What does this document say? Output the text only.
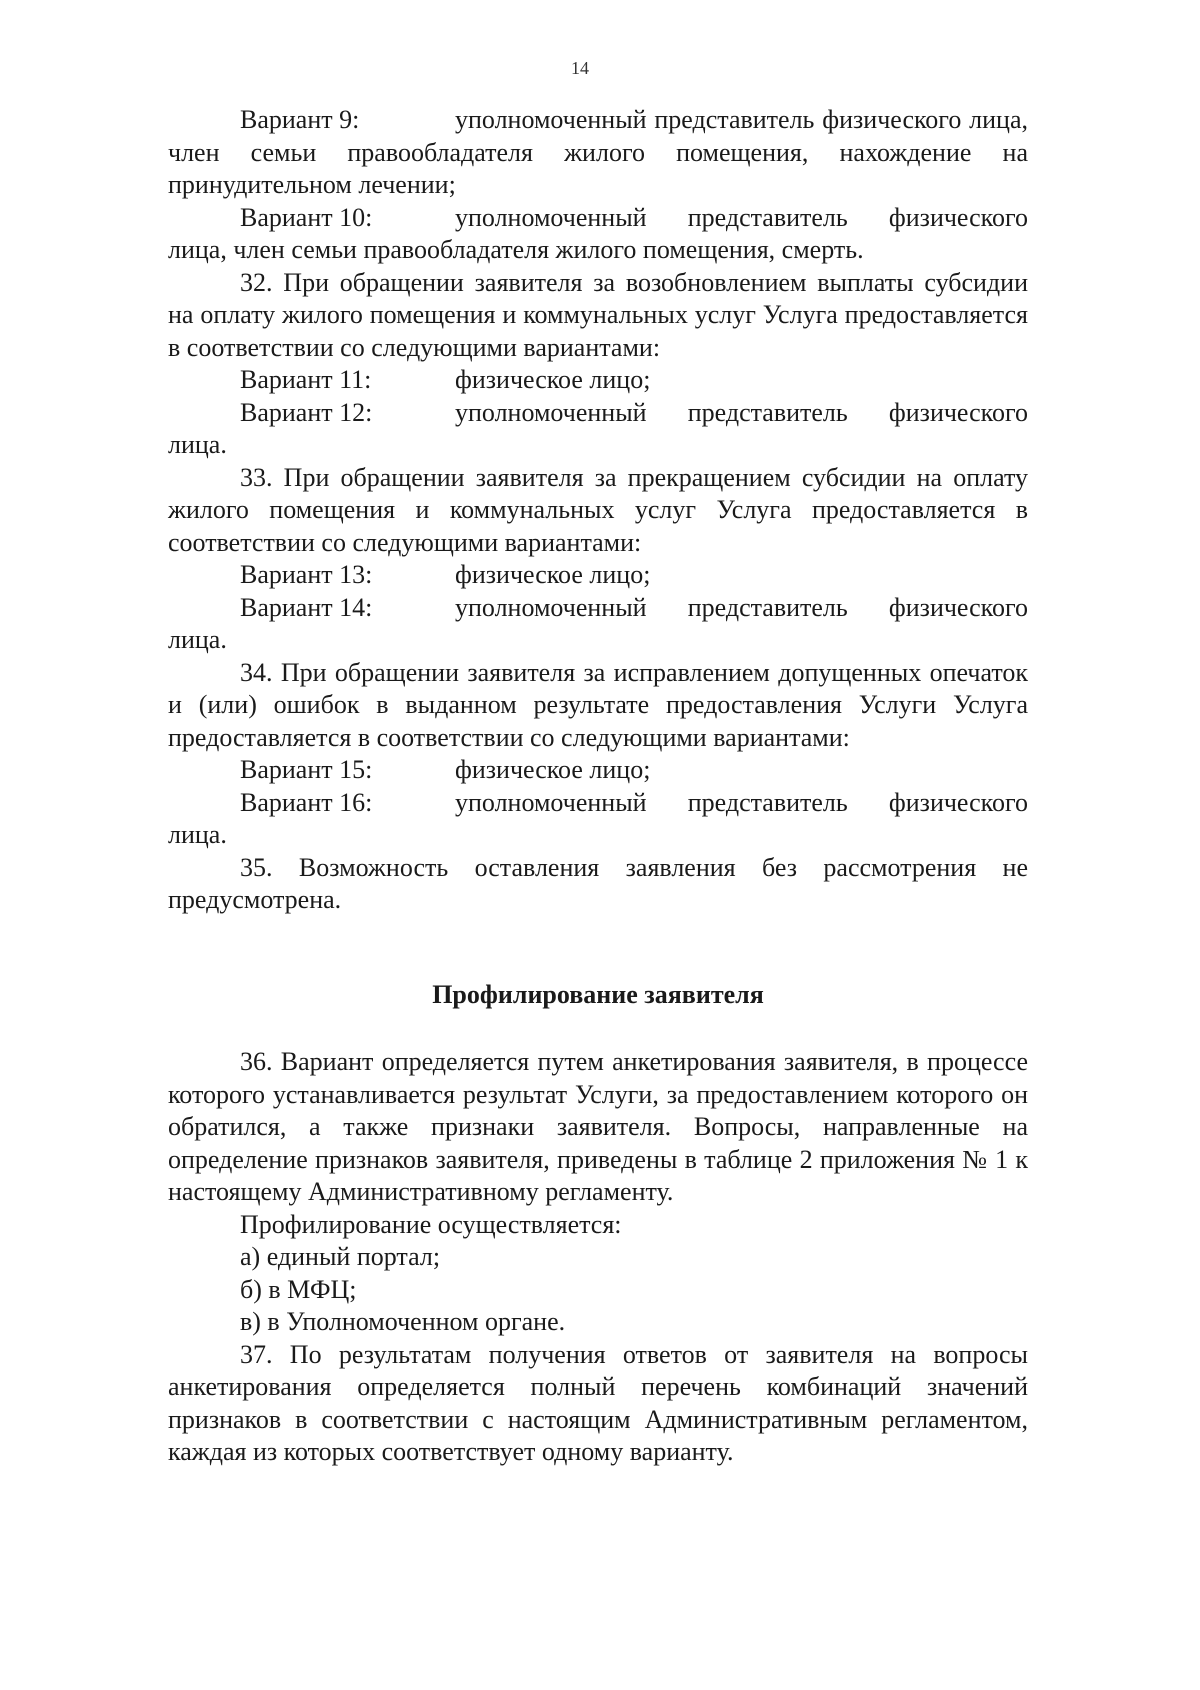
14
Вариант 9:	уполномоченный представитель физического лица,

член семьи правообладателя жилого помещения, нахождение на принудительном лечении;

Вариант 10:	уполномоченный представитель физического

лица, член семьи правообладателя жилого помещения, смерть.

32. При обращении заявителя за возобновлением выплаты субсидии на оплату жилого помещения и коммунальных услуг Услуга предоставляется в соответствии со следующими вариантами:

Вариант 11:	физическое лицо;
Вариант 12:	уполномоченный представитель физического

лица.

33. При обращении заявителя за прекращением субсидии на оплату жилого помещения и коммунальных услуг Услуга предоставляется в соответствии со следующими вариантами:

Вариант 13:	физическое лицо;
Вариант 14:	уполномоченный представитель физического

лица.

34. При обращении заявителя за исправлением допущенных опечаток и (или) ошибок в выданном результате предоставления Услуги Услуга предоставляется в соответствии со следующими вариантами:

Вариант 15:	физическое лицо;
Вариант 16:	уполномоченный представитель физического

лица.

35. Возможность оставления заявления без рассмотрения не предусмотрена.

Профилирование заявителя

36. Вариант определяется путем анкетирования заявителя, в процессе которого устанавливается результат Услуги, за предоставлением которого он обратился, а также признаки заявителя. Вопросы, направленные на определение признаков заявителя, приведены в таблице 2 приложения № 1 к настоящему Административному регламенту.

Профилирование осуществляется:

а) единый портал;

б) в МФЦ;

в) в Уполномоченном органе.

37. По результатам получения ответов от заявителя на вопросы анкетирования определяется полный перечень комбинаций значений признаков в соответствии с настоящим Административным регламентом, каждая из которых соответствует одному варианту.
